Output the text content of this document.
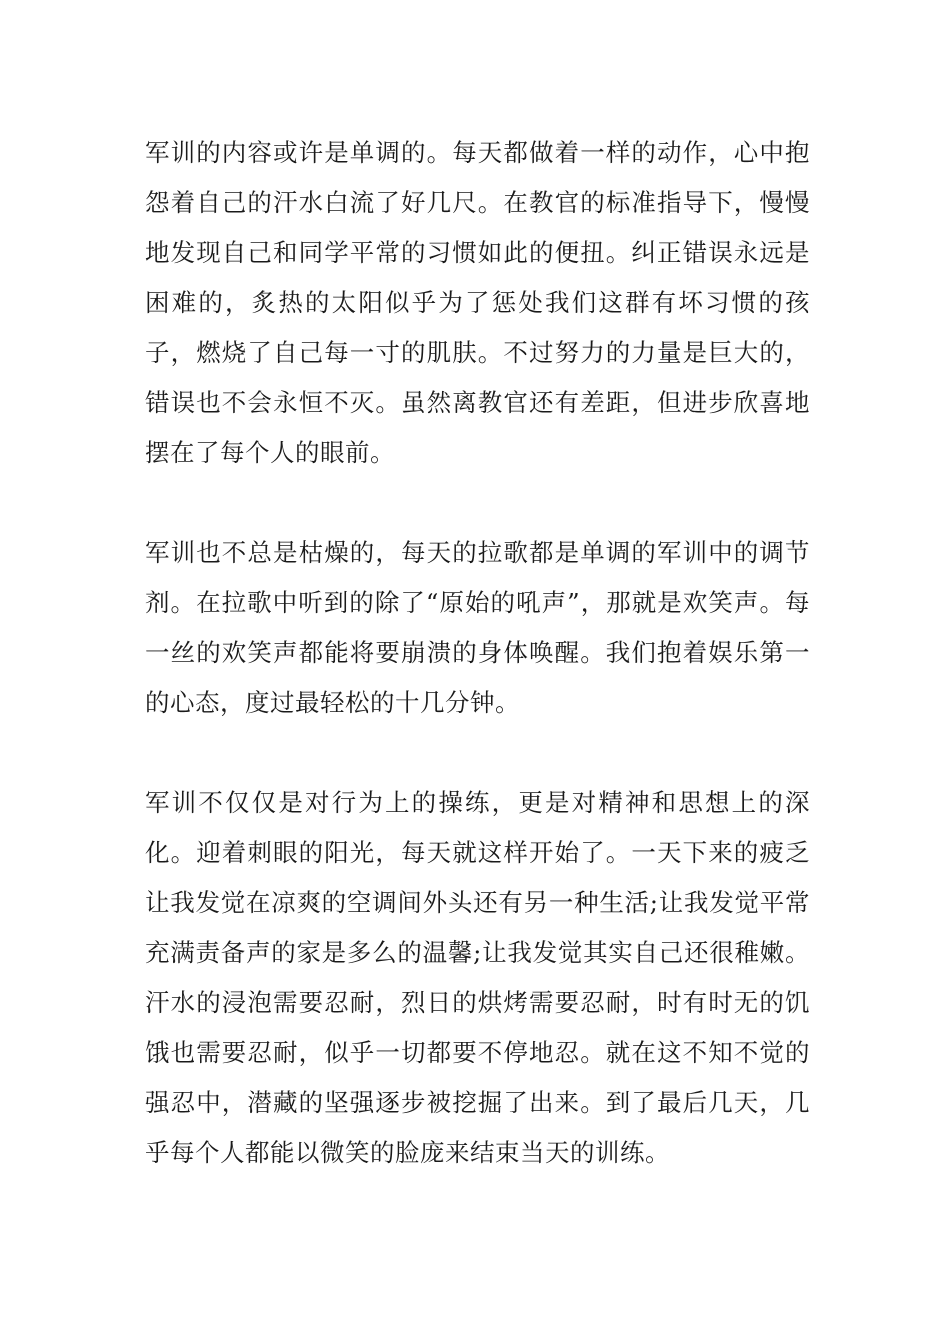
军训的内容或许是单调的。每天都做着一样的动作，心中抱怨着自己的汗水白流了好几尺。在教官的标准指导下，慢慢地发现自己和同学平常的习惯如此的便扭。纠正错误永远是困难的，炙热的太阳似乎为了惩处我们这群有坏习惯的孩子，燃烧了自己每一寸的肌肤。不过努力的力量是巨大的，错误也不会永恒不灭。虽然离教官还有差距，但进步欣喜地摆在了每个人的眼前。

军训也不总是枯燥的，每天的拉歌都是单调的军训中的调节剂。在拉歌中听到的除了“原始的吼声”，那就是欢笑声。每一丝的欢笑声都能将要崩溃的身体唤醒。我们抱着娱乐第一的心态，度过最轻松的十几分钟。

军训不仅仅是对行为上的操练，更是对精神和思想上的深化。迎着刺眼的阳光，每天就这样开始了。一天下来的疲乏让我发觉在凉爽的空调间外头还有另一种生活;让我发觉平常充满责备声的家是多么的温馨;让我发觉其实自己还很稚嫩。汗水的浸泡需要忍耐，烈日的烘烤需要忍耐，时有时无的饥饿也需要忍耐，似乎一切都要不停地忍。就在这不知不觉的强忍中，潜藏的坚强逐步被挖掘了出来。到了最后几天，几乎每个人都能以微笑的脸庞来结束当天的训练。
